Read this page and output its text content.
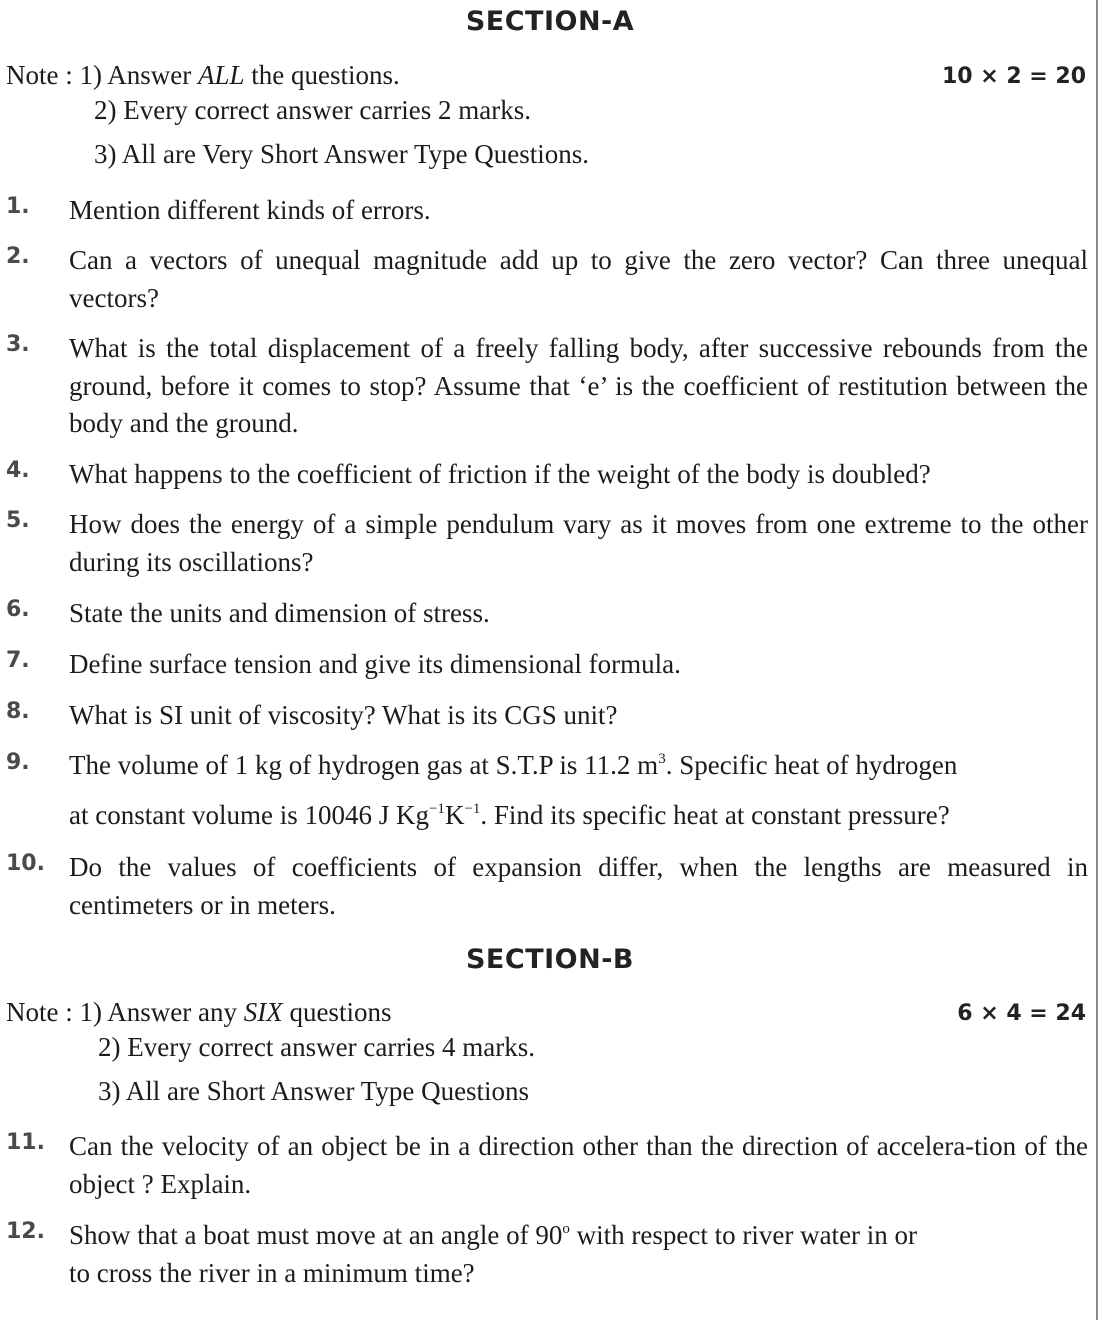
SECTION-A
Note : 1) Answer ALL the questions.	10 × 2 = 20
2) Every correct answer carries 2 marks.
3) All are Very Short Answer Type Questions.
1. Mention different kinds of errors.
2. Can a vectors of unequal magnitude add up to give the zero vector? Can three unequal vectors?
3. What is the total displacement of a freely falling body, after successive rebounds from the ground, before it comes to stop? Assume that ‘e’ is the coefficient of restitution between the body and the ground.
4. What happens to the coefficient of friction if the weight of the body is doubled?
5. How does the energy of a simple pendulum vary as it moves from one extreme to the other during its oscillations?
6. State the units and dimension of stress.
7. Define surface tension and give its dimensional formula.
8. What is SI unit of viscosity? What is its CGS unit?
9. The volume of 1 kg of hydrogen gas at S.T.P is 11.2 $m^3$. Specific heat of hydrogen
at constant volume is 10046 J $Kg^{-1}K^{-1}$. Find its specific heat at constant pressure?
10. Do the values of coefficients of expansion differ, when the lengths are measured in centimeters or in meters.
SECTION-B
Note : 1) Answer any SIX questions	6 × 4 = 24
2) Every correct answer carries 4 marks.
3) All are Short Answer Type Questions
11. Can the velocity of an object be in a direction other than the direction of accelera-tion of the object ? Explain.
12. Show that a boat must move at an angle of 90$^o$ with respect to river water in or
to cross the river in a minimum time?
